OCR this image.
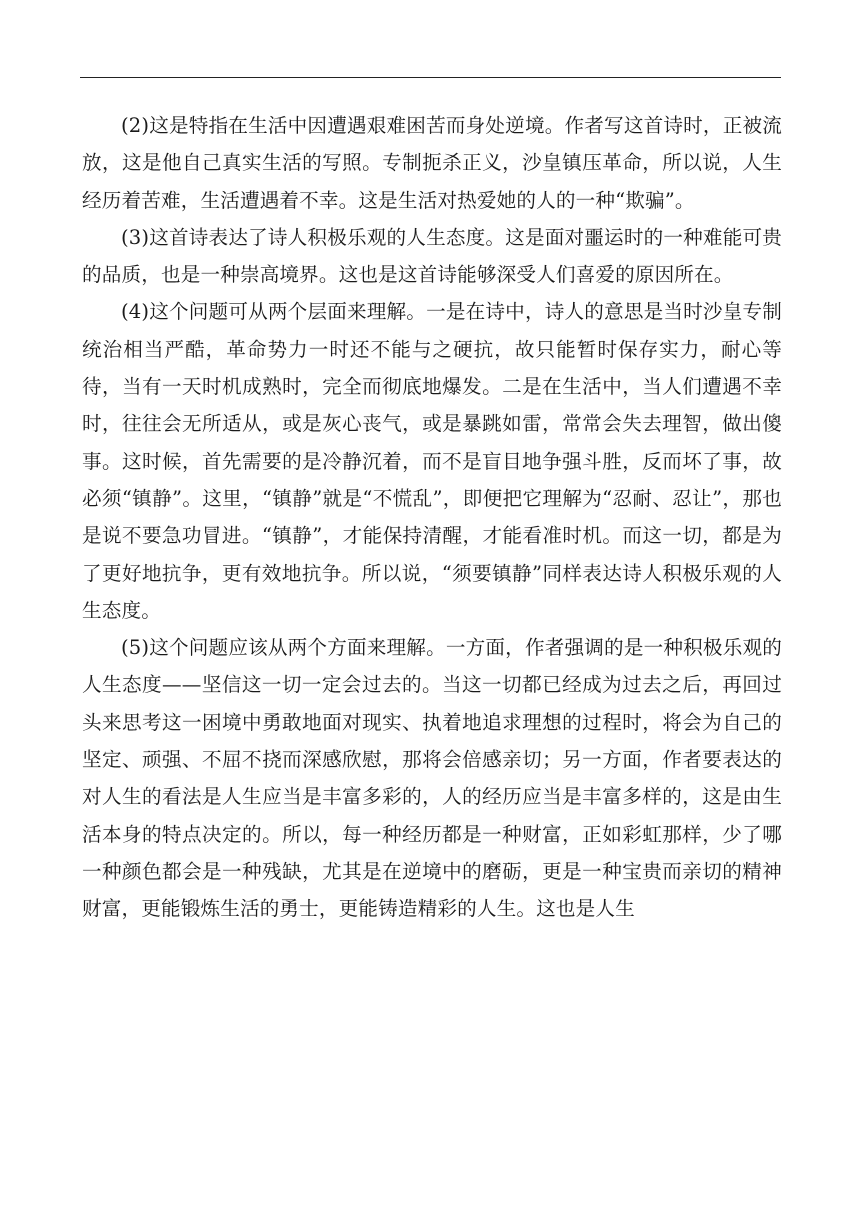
(2)这是特指在生活中因遭遇艰难困苦而身处逆境。作者写这首诗时，正被流放，这是他自己真实生活的写照。专制扼杀正义，沙皇镇压革命，所以说，人生经历着苦难，生活遭遇着不幸。这是生活对热爱她的人的一种“欺骗”。

(3)这首诗表达了诗人积极乐观的人生态度。这是面对噩运时的一种难能可贵的品质，也是一种崇高境界。这也是这首诗能够深受人们喜爱的原因所在。

(4)这个问题可从两个层面来理解。一是在诗中，诗人的意思是当时沙皇专制统治相当严酷，革命势力一时还不能与之硬抗，故只能暂时保存实力，耐心等待，当有一天时机成熟时，完全而彻底地爆发。二是在生活中，当人们遭遇不幸时，往往会无所适从，或是灰心丧气，或是暴跳如雷，常常会失去理智，做出傻事。这时候，首先需要的是冷静沉着，而不是盲目地争强斗胜，反而坏了事，故必须“镇静”。这里，“镇静”就是“不慌乱”，即便把它理解为“忍耐、忍让”，那也是说不要急功冒进。“镇静”，才能保持清醒，才能看准时机。而这一切，都是为了更好地抗争，更有效地抗争。所以说，“须要镇静”同样表达诗人积极乐观的人生态度。

(5)这个问题应该从两个方面来理解。一方面，作者强调的是一种积极乐观的人生态度——坚信这一切一定会过去的。当这一切都已经成为过去之后，再回过头来思考这一困境中勇敢地面对现实、执着地追求理想的过程时，将会为自己的坚定、顽强、不屈不挠而深感欣慰，那将会倍感亲切；另一方面，作者要表达的对人生的看法是人生应当是丰富多彩的，人的经历应当是丰富多样的，这是由生活本身的特点决定的。所以，每一种经历都是一种财富，正如彩虹那样，少了哪一种颜色都会是一种残缺，尤其是在逆境中的磨砺，更是一种宝贵而亲切的精神财富，更能锻炼生活的勇士，更能铸造精彩的人生。这也是人生
